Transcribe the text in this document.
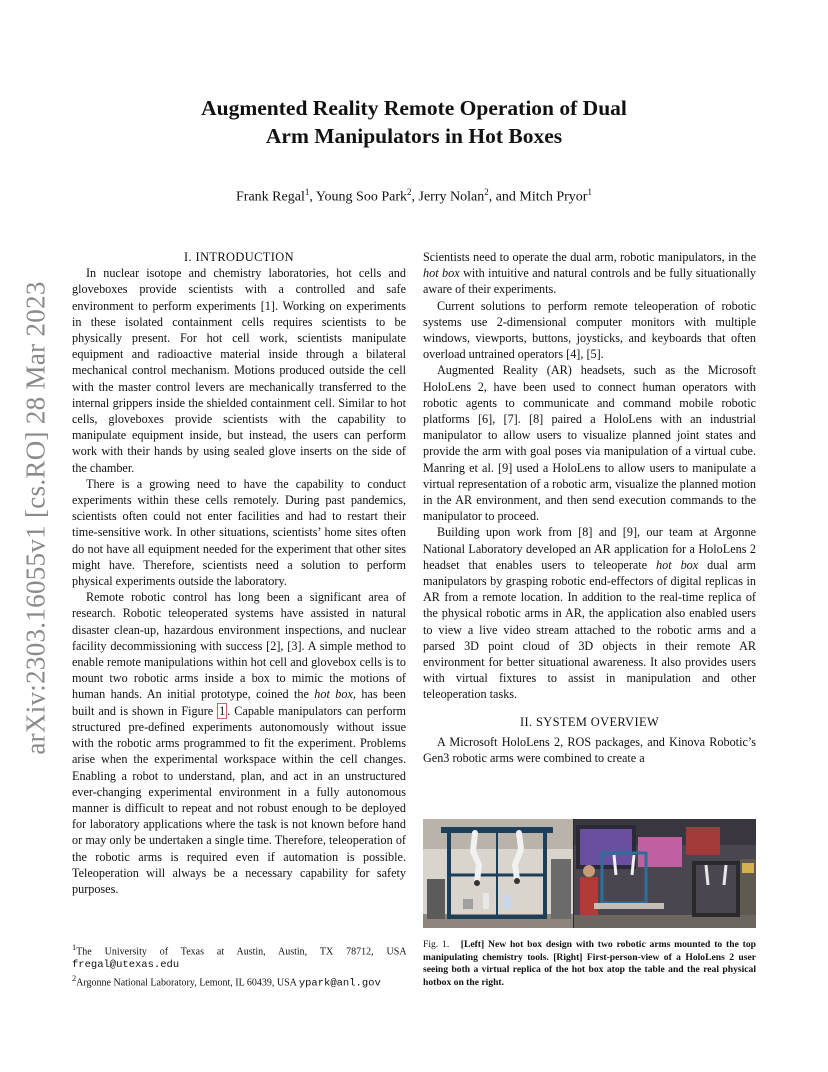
arXiv:2303.16055v1 [cs.RO] 28 Mar 2023
Augmented Reality Remote Operation of Dual
Arm Manipulators in Hot Boxes
Frank Regal$^1$, Young Soo Park$^2$, Jerry Nolan$^2$, and Mitch Pryor$^1$

I. INTRODUCTION

In nuclear isotope and chemistry laboratories, hot cells and gloveboxes provide scientists with a controlled and safe environment to perform experiments [1]. Working on experiments in these isolated containment cells requires scientists to be physically present. For hot cell work, scientists manipulate equipment and radioactive material inside through a bilateral mechanical control mechanism. Motions produced outside the cell with the master control levers are mechanically transferred to the internal grippers inside the shielded containment cell. Similar to hot cells, gloveboxes provide scientists with the capability to manipulate equipment inside, but instead, the users can perform work with their hands by using sealed glove inserts on the side of the chamber.

There is a growing need to have the capability to conduct experiments within these cells remotely. During past pandemics, scientists often could not enter facilities and had to restart their time-sensitive work. In other situations, scientists’ home sites often do not have all equipment needed for the experiment that other sites might have. Therefore, scientists need a solution to perform physical experiments outside the laboratory.

Remote robotic control has long been a significant area of research. Robotic teleoperated systems have assisted in natural disaster clean-up, hazardous environment inspections, and nuclear facility decommissioning with success [2], [3]. A simple method to enable remote manipulations within hot cell and glovebox cells is to mount two robotic arms inside a box to mimic the motions of human hands. An initial prototype, coined the hot box, has been built and is shown in Figure 1 . Capable manipulators can perform structured pre-defined experiments autonomously without issue with the robotic arms programmed to fit the experiment. Problems arise when the experimental workspace within the cell changes. Enabling a robot to understand, plan, and act in an unstructured ever-changing experimental environment in a fully autonomous manner is difficult to repeat and not robust enough to be deployed for laboratory applications where the task is not known before hand or may only be undertaken a single time. Therefore, teleoperation of the robotic arms is required even if automation is possible. Teleoperation will always be a necessary capability for safety purposes.

Scientists need to operate the dual arm, robotic manipulators, in the hot box with intuitive and natural controls and be fully situationally aware of their experiments.

Current solutions to perform remote teleoperation of robotic systems use 2-dimensional computer monitors with multiple windows, viewports, buttons, joysticks, and keyboards that often overload untrained operators [4], [5].

Augmented Reality (AR) headsets, such as the Microsoft HoloLens 2, have been used to connect human operators with robotic agents to communicate and command mobile robotic platforms [6], [7]. [8] paired a HoloLens with an industrial manipulator to allow users to visualize planned joint states and provide the arm with goal poses via manipulation of a virtual cube. Manring et al. [9] used a HoloLens to allow users to manipulate a virtual representation of a robotic arm, visualize the planned motion in the AR environment, and then send execution commands to the manipulator to proceed.

Building upon work from [8] and [9], our team at Argonne National Laboratory developed an AR application for a HoloLens 2 headset that enables users to teleoperate hot box dual arm manipulators by grasping robotic end-effectors of digital replicas in AR from a remote location. In addition to the real-time replica of the physical robotic arms in AR, the application also enabled users to view a live video stream attached to the robotic arms and a parsed 3D point cloud of 3D objects in their remote AR environment for better situational awareness. It also provides users with virtual fixtures to assist in manipulation and other teleoperation tasks.

II. SYSTEM OVERVIEW

A Microsoft HoloLens 2, ROS packages, and Kinova Robotic’s Gen3 robotic arms were combined to create a

Fig. 1. [Left] New hot box design with two robotic arms mounted to the top manipulating chemistry tools. [Right] First-person-view of a HoloLens 2 user seeing both a virtual replica of the hot box atop the table and the real physical hotbox on the right.

$^1$The University of Texas at Austin, Austin, TX 78712, USA fregal@utexas.edu

$^2$Argonne National Laboratory, Lemont, IL 60439, USA ypark@anl.gov
